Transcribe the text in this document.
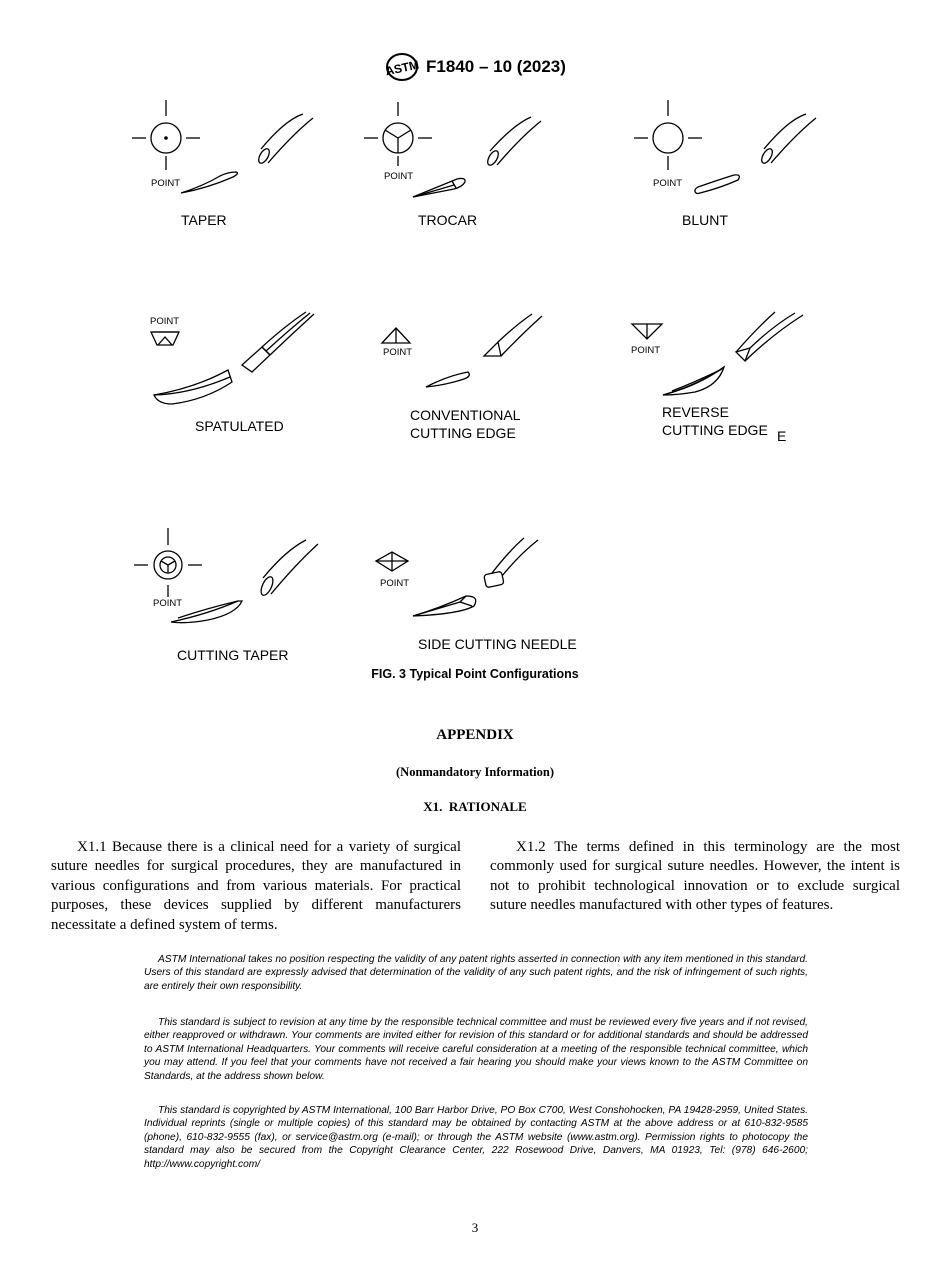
ASTM F1840 – 10 (2023)
POINT
TAPER
POINT
TROCAR
POINT
BLUNT
POINT
SPATULATED
POINT
CONVENTIONAL
CUTTING EDGE
POINT
REVERSE
CUTTING EDGE E
POINT
CUTTING TAPER
POINT
SIDE CUTTING NEEDLE
FIG. 3 Typical Point Configurations
APPENDIX
(Nonmandatory Information)
X1.  RATIONALE
X1.1 Because there is a clinical need for a variety of surgical suture needles for surgical procedures, they are manufactured in various configurations and from various materials. For practical purposes, these devices supplied by different manufacturers necessitate a defined system of terms.
X1.2 The terms defined in this terminology are the most commonly used for surgical suture needles. However, the intent is not to prohibit technological innovation or to exclude surgical suture needles manufactured with other types of features.
ASTM International takes no position respecting the validity of any patent rights asserted in connection with any item mentioned in this standard. Users of this standard are expressly advised that determination of the validity of any such patent rights, and the risk of infringement of such rights, are entirely their own responsibility.
This standard is subject to revision at any time by the responsible technical committee and must be reviewed every five years and if not revised, either reapproved or withdrawn. Your comments are invited either for revision of this standard or for additional standards and should be addressed to ASTM International Headquarters. Your comments will receive careful consideration at a meeting of the responsible technical committee, which you may attend. If you feel that your comments have not received a fair hearing you should make your views known to the ASTM Committee on Standards, at the address shown below.
This standard is copyrighted by ASTM International, 100 Barr Harbor Drive, PO Box C700, West Conshohocken, PA 19428-2959, United States. Individual reprints (single or multiple copies) of this standard may be obtained by contacting ASTM at the above address or at 610-832-9585 (phone), 610-832-9555 (fax), or service@astm.org (e-mail); or through the ASTM website (www.astm.org). Permission rights to photocopy the standard may also be secured from the Copyright Clearance Center, 222 Rosewood Drive, Danvers, MA 01923, Tel: (978) 646-2600; http://www.copyright.com/
3
